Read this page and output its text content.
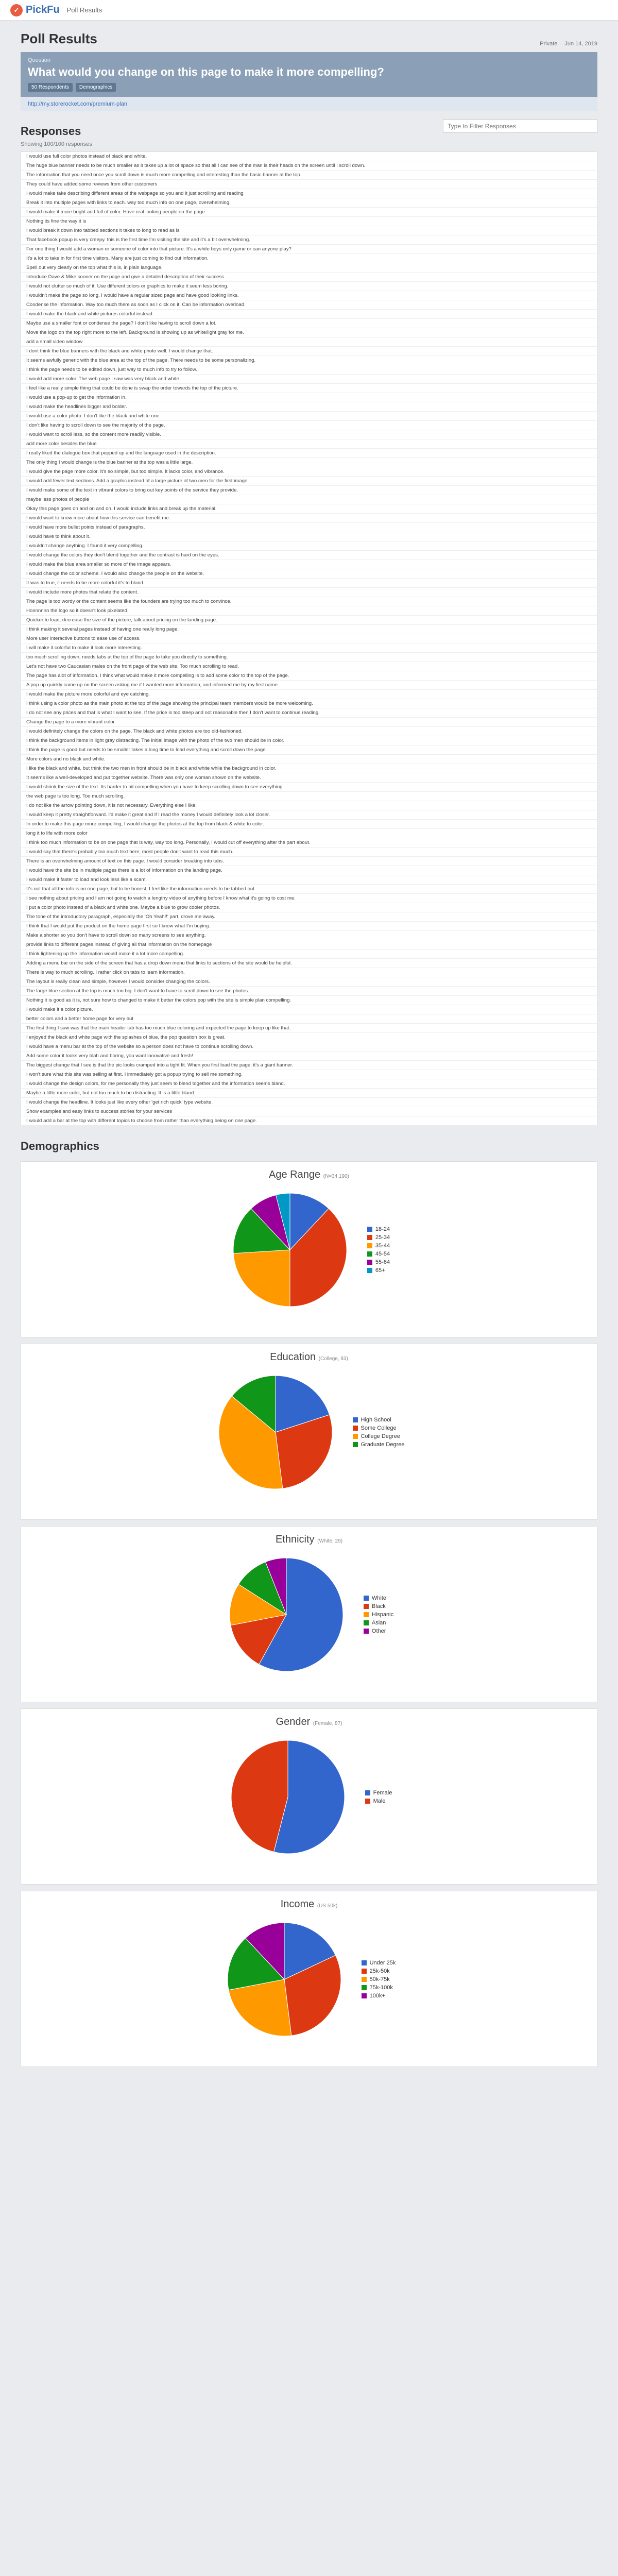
✓ PickFu Poll Results
Poll Results	Private Jun 14, 2019
Question
What would you change on this page to make it more compelling?
50 Respondents	Demographics
http://my.storerocket.com/premium-plan
Responses
Type to Filter Responses
Showing 100/100 responses
I would use full color photos instead of black and white.
The huge blue banner needs to be much smaller as it takes up a lot of space so that all I can see of the man is their heads on the screen until I scroll down.
The information that you need once you scroll down is much more compelling and interesting than the basic banner at the top.
They could have added some reviews from other customers
I would make take describing different areas of the webpage so you and it just scrolling and reading
Break it into multiple pages with links to each. way too much info on one page, overwhelming.
I would make it more bright and full of color. Have real looking people on the page.
Nothing its fine the way it is
I would break it down into tabbed sections it takes to long to read as is
That facebook popup is very creepy. this is the first time I'm visiting the site and it's a bit overwhelming.
For one thing I would add a woman or someone of color into that picture. It's a white boys only game or can anyone play?
It's a lot to take in for first time visitors. Many are just coming to find out information.
Spell out very clearly on the top what this is, in plain language.
Introduce Dave & Mike sooner on the page and give a detailed description of their success.
I would not clutter so much of it. Use different colors or graphics to make it seem less boring.
I wouldn't make the page so long. I would have a regular sized page and have good looking links.
Condense the information. Way too much there as soon as I click on it. Can be information overload.
I would make the black and white pictures colorful instead.
Maybe use a smaller font or condense the page? I don't like having to scroll down a lot.
Move the logo on the top right more to the left. Background is showing up as white/light gray for me.
add a small video window
I dont think the blue banners with the black and white photo well. I would change that.
It seems awfully generic with the blue area at the top of the page. There needs to be some personalizing.
I think the page needs to be edited down, just way to much info to try to follow.
I would add more color. The web page I saw was very black and white.
I feel like a really simple thing that could be done is swap the order towards the top of the picture.
I would use a pop-up to get the information in.
I would make the headlines bigger and bolder.
I would use a color photo. I don't like the black and white one.
I don't like having to scroll down to see the majority of the page.
I would want to scroll less, so the content more readily visible.
add more color besides the blue
I really liked the dialogue box that popped up and the language used in the description.
The only thing I would change is the blue banner at the top was a little large.
I would give the page more color. It's so simple, but too simple. It lacks color, and vibrance.
I would add fewer text sections. Add a graphic instead of a large picture of two men for the first image.
I would make some of the text in vibrant colors to bring out key points of the service they provide.
maybe less photos of people
Okay this page goes on and on and on. I would include links and break up the material.
I would want to know more about how this service can benefit me.
I would have more bullet points instead of paragraphs.
I would have to think about it.
I wouldn't change anything. I found it very compelling.
I would change the colors they don't blend together and the contrast is hard on the eyes.
I would make the blue area smaller so more of the image appears.
I would change the color scheme. I would also change the people on the website.
It was to true, it needs to be more colorful it's to bland.
I would include more photos that relate the content.
The page is too wordy or the content seems like the founders are trying too much to convince.
Honnnnnn the logo so it doesn't look pixelated.
Quicker to load, decrease the size of the picture, talk about pricing on the landing page.
I think making it several pages instead of having one really long page.
More user interactive buttons to ease use of access.
I will make it colorful to make it look more interesting.
too much scrolling down, needs tabs at the top of the page to take you directly to something.
Let's not have two Caucasian males on the front page of the web site. Too much scrolling to read.
The page has alot of information. I think what would make it more compelling is to add some color to the top of the page.
A pop up quickly came up on the screen asking me if I wanted more information, and informed me by my first name.
I would make the picture more colorful and eye catching.
I think using a color photo as the main photo at the top of the page showing the principal team members would be more welcoming.
I do not see any prices and that is what I want to see. If the price is too steep and not reasonable then I don't want to continue reading.
Change the page to a more vibrant color.
I would definitely change the colors on the page. The black and white photos are too old-fashioned.
I think the background items in light gray distracting. The initial image with the photo of the two men should be in color.
I think the page is good but needs to be smaller takes a long time to load everything and scroll down the page.
More colors and no black and white.
I like the black and white, but think the two men in front should be in black and white while the background in color.
It seems like a well-developed and put together website. There was only one woman shown on the website.
I would shrink the size of the text. Its harder to hit compelling when you have to keep scrolling down to see everything.
the web page is too long. Too much scrolling.
I do not like the arrow pointing down, it is not necessary. Everything else I like.
I would keep it pretty straightforward. I'd make it great and if I read the money I would definitely look a lot closer.
In order to make this page more compelling, I would change the photos at the top from black & white to color.
long it to life with more color
I think too much information to be on one page that is way, way too long. Personally, I would cut off everything after the part about.
I would say that there's probably too much text here, most people don't want to read this much.
There is an overwhelming amount of text on this page. I would consider breaking into tabs.
I would have the site be in multiple pages there is a lot of information on the landing page.
I would make it faster to load and look less like a scam.
It's not that all the info is on one page, but to be honest, I feel like the information needs to be tabbed out.
I see nothing about pricing and I am not going to watch a lengthy video of anything before I know what it's going to cost me.
I put a color photo instead of a black and white one. Maybe a blue to grow cooler photos.
The tone of the introductory paragraph, especially the 'Oh Yeah!!' part, drove me away.
I think that I would put the product on the home page first so I know what I'm buying.
Make a shorter so you don't have to scroll down so many screens to see anything.
provide links to different pages instead of giving all that information on the homepage
I think lightening up the information would make it a lot more compelling.
Adding a menu bar on the side of the screen that has a drop down menu that links to sections of the site would be helpful.
There is way to much scrolling. I rather click on tabs to learn information.
The layout is really clean and simple, however I would consider changing the colors.
The large blue section at the top is much too big. I don't want to have to scroll down to see the photos.
Nothing it is good as it is, not sure how to changed to make it better the colors pop with the site is simple plan compelling.
I would make it a color picture.
better colors and a better home page for very but
The first thing I saw was that the main header tab has too much blue coloring and expected the page to keep up like that.
I enjoyed the black and white page with the splashes of blue, the pop question box is great.
I would have a menu bar at the top of the website so a person does not have to continue scrolling down.
Add some color it looks very blah and boring, you want innovative and fresh!
The biggest change that I see is that the pic looks cramped into a tight fit. When you first load the page, it's a giant banner.
I won't sure what this site was selling at first. I immediately got a popup trying to sell me something.
I would change the design colors, for me personally they just seem to blend together and the information seems bland.
Maybe a little more color, but not too much to be distracting. It is a little bland.
I would change the headline. It looks just like every other 'get rich quick' type website.
Show examples and easy links to success stories for your services
I would add a bar at the top with different topics to choose from rather than everything being on one page.
Demographics
Age Range (N=34,190)
18-24
25-34
35-44
45-54
55-64
65+
Education (College, 83)
High School
Some College
College Degree
Graduate Degree
Ethnicity (White, 29)
White
Black
Hispanic
Asian
Other
Gender (Female, 87)
Female
Male
Income (US 50k)
Under 25k
25k-50k
50k-75k
75k-100k
100k+
